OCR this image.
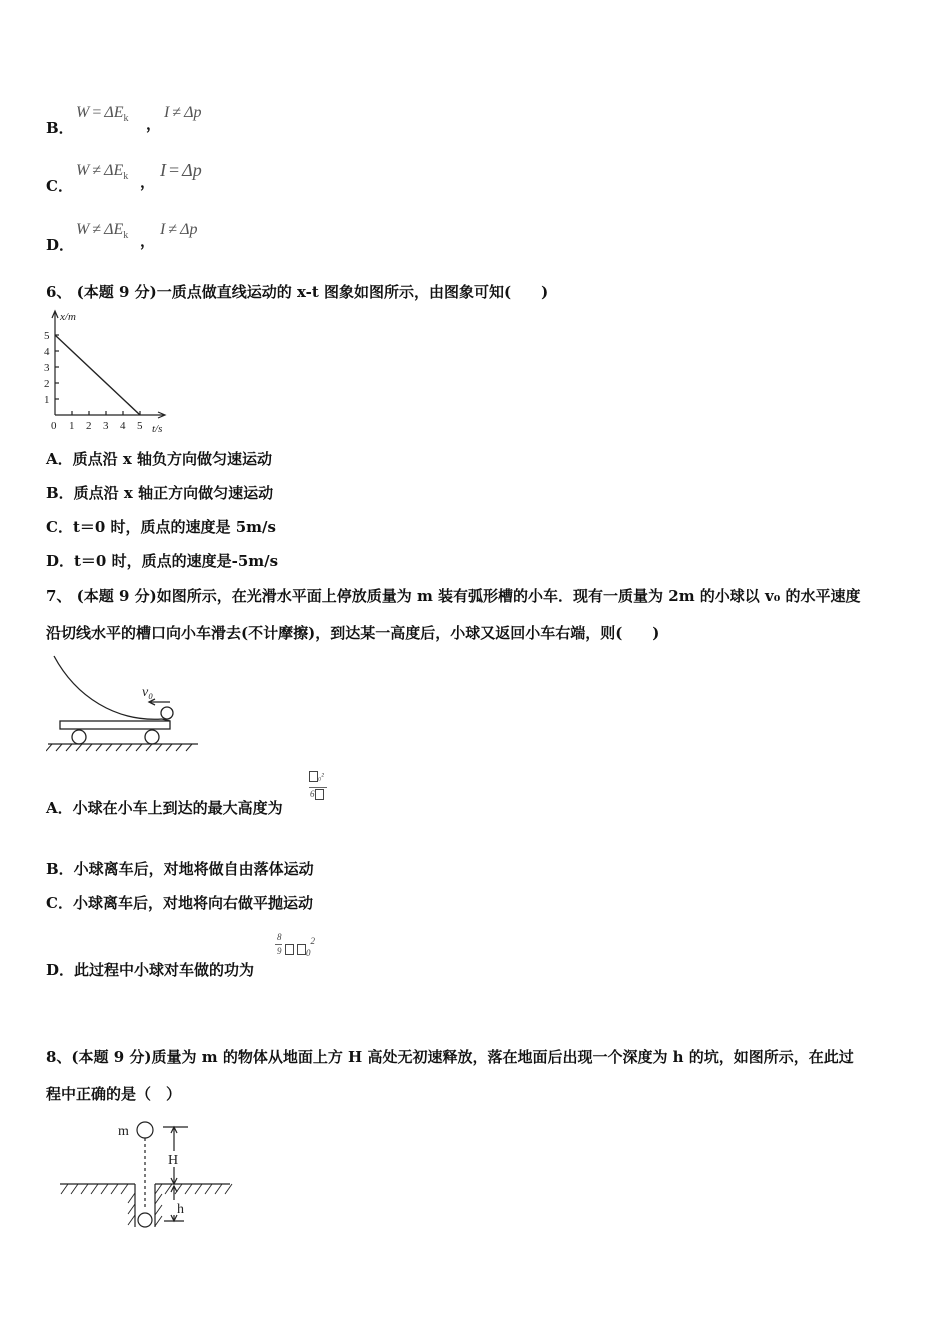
B．
$W = \Delta E_k$ ，
I ≠ Δp
C．
$W \ne \Delta E_k$ ，
I = Δp
D．
$W \ne \Delta E_k$ ，
I ≠ Δp
6、 (本题 9 分)一质点做直线运动的 x-t 图象如图所示，由图象可知(　　)
x/m
5
4
3
2
1
0 1 2 3 4 5 t/s
A．质点沿 x 轴负方向做匀速运动
B．质点沿 x 轴正方向做匀速运动
C．t＝0 时，质点的速度是 5m/s
D．t＝0 时，质点的速度是-5m/s
7、 (本题 9 分)如图所示，在光滑水平面上停放质量为 m 装有弧形槽的小车．现有一质量为 2m 的小球以 v₀ 的水平速度
沿切线水平的槽口向小车滑去(不计摩擦)，到达某一高度后，小球又返回小车右端，则(　　)
v₀
A．小球在小车上到达的最大高度为
₀²
6
B．小球离车后，对地将做自由落体运动
C．小球离车后，对地将向右做平抛运动
D．此过程中小球对车做的功为
8
9	$_0^2$
8、(本题 9 分)质量为 m 的物体从地面上方 H 高处无初速释放，落在地面后出现一个深度为 h 的坑，如图所示，在此过
程中正确的是（　）
m
H
h
